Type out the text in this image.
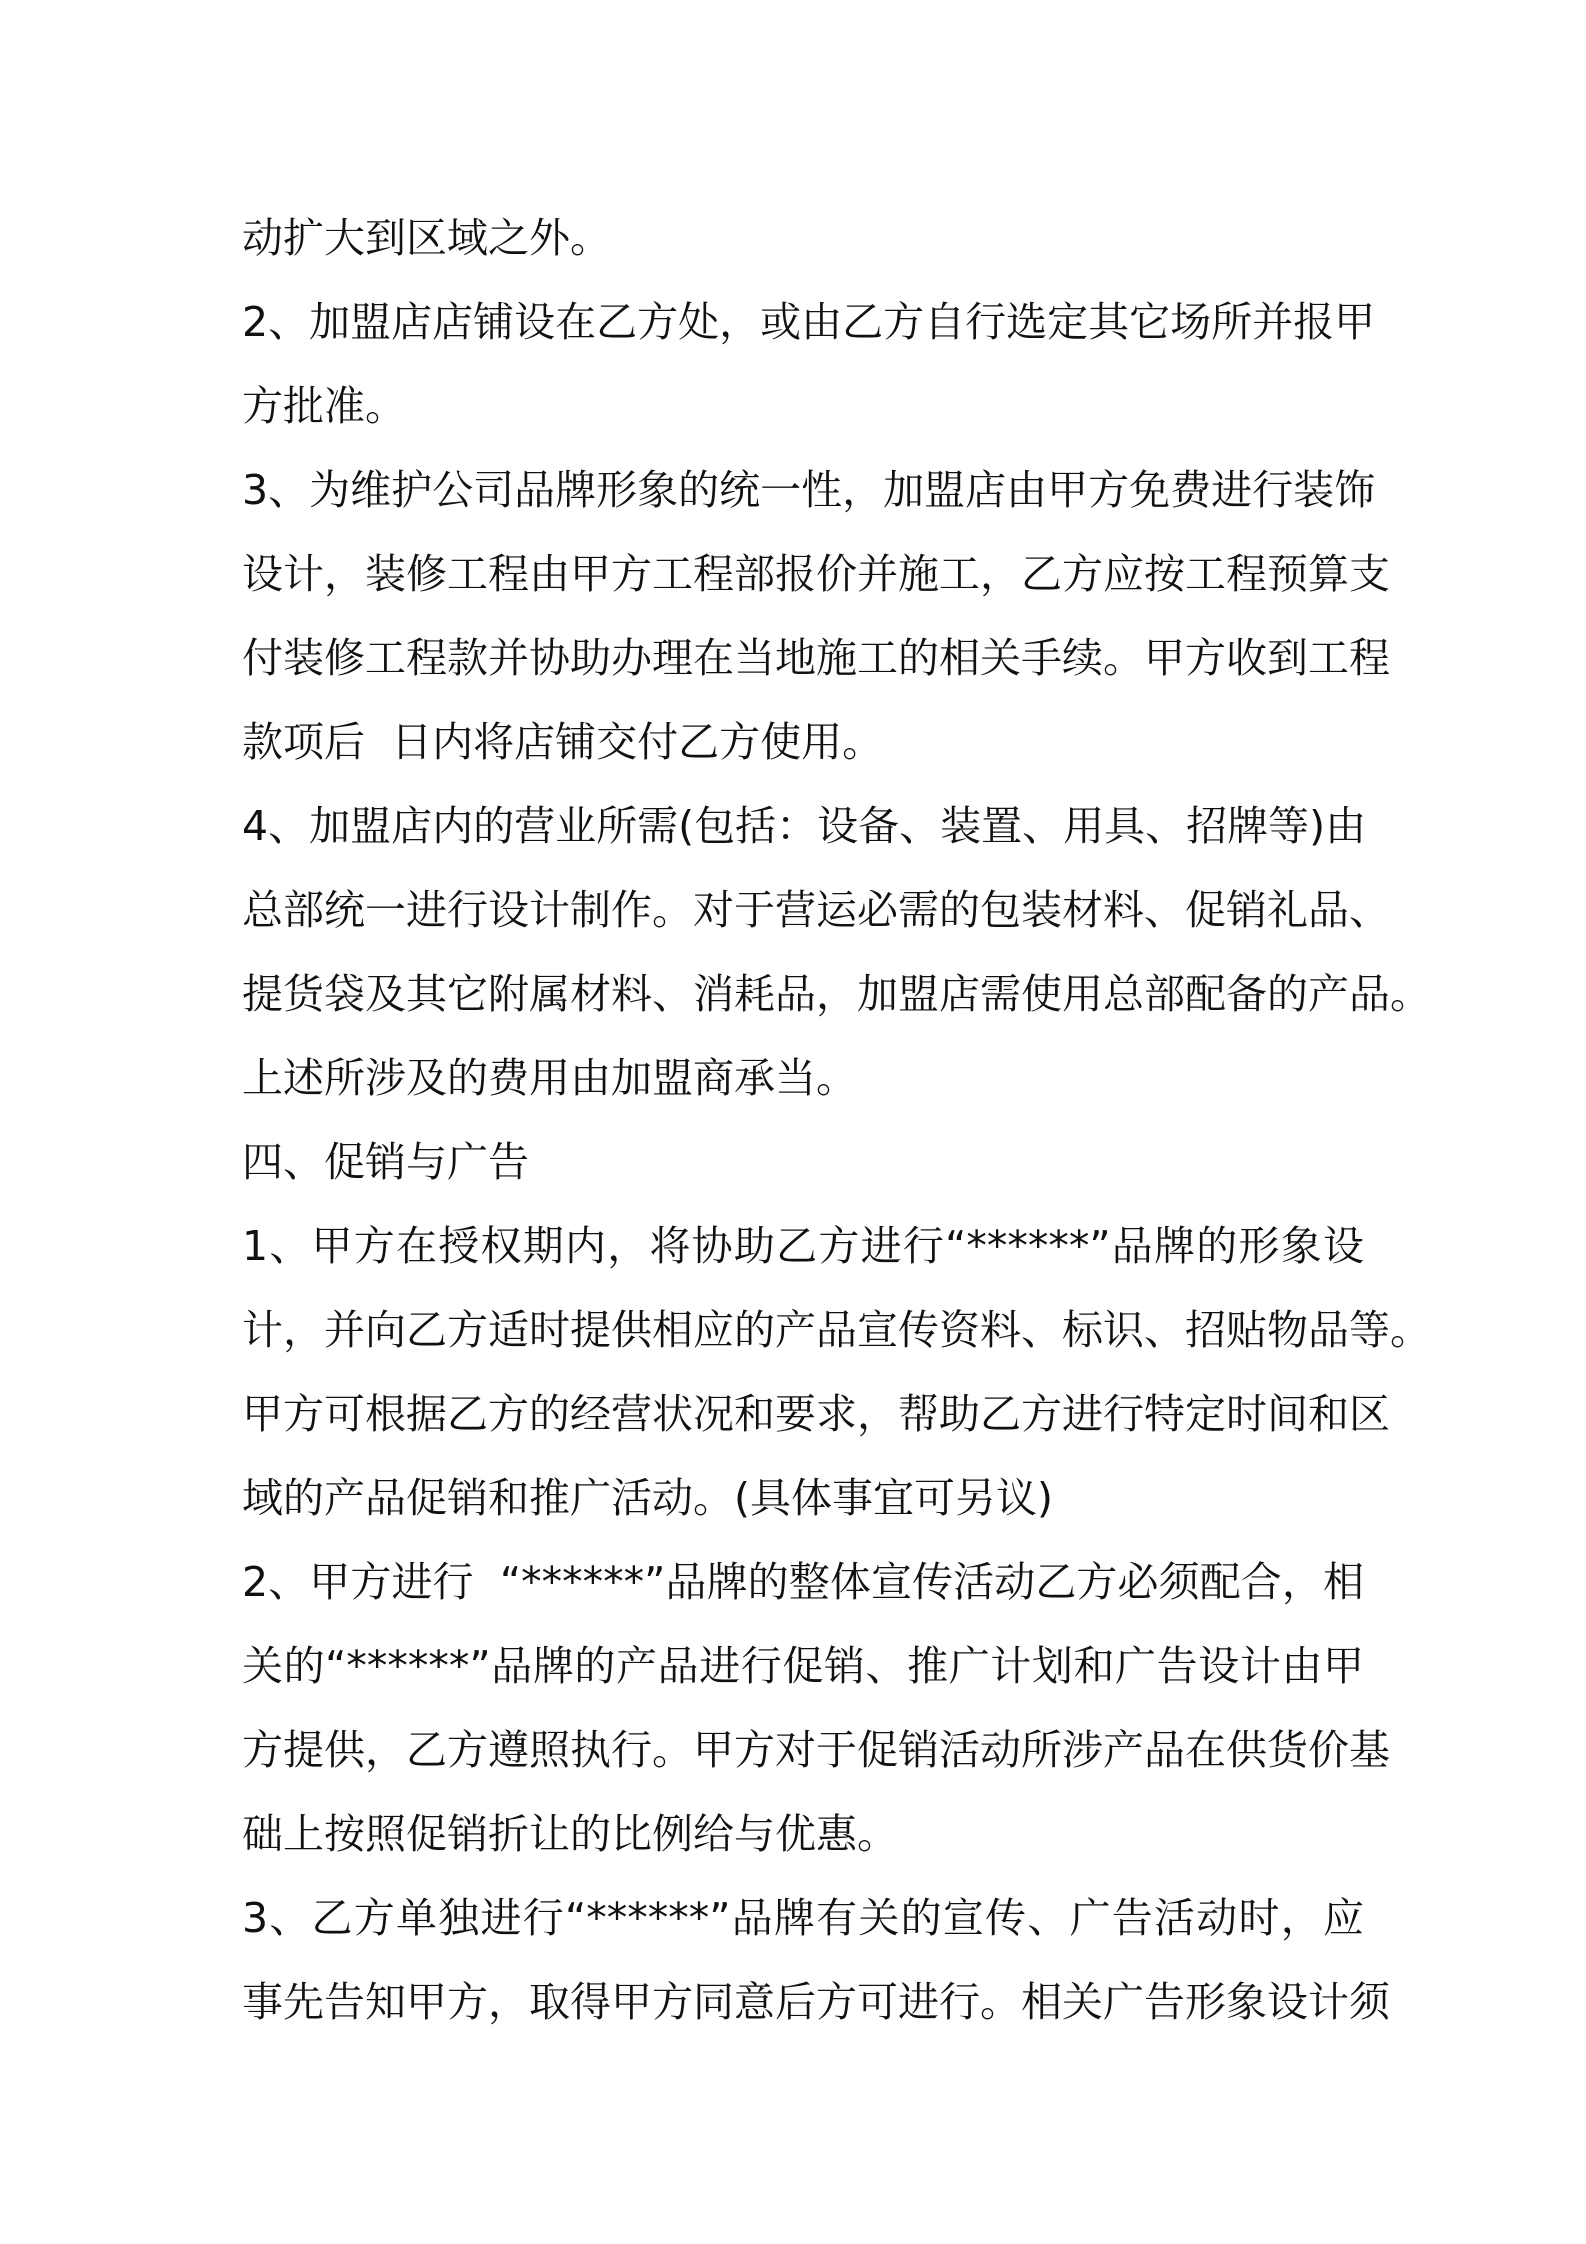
动扩大到区域之外。
2、加盟店店铺设在乙方处，或由乙方自行选定其它场所并报甲
方批准。
3、为维护公司品牌形象的统一性，加盟店由甲方免费进行装饰
设计，装修工程由甲方工程部报价并施工，乙方应按工程预算支
付装修工程款并协助办理在当地施工的相关手续。甲方收到工程
款项后  日内将店铺交付乙方使用。
4、加盟店内的营业所需(包括：设备、装置、用具、招牌等)由
总部统一进行设计制作。对于营运必需的包装材料、促销礼品、
提货袋及其它附属材料、消耗品，加盟店需使用总部配备的产品。
上述所涉及的费用由加盟商承当。
四、促销与广告
1、甲方在授权期内，将协助乙方进行“******”品牌的形象设
计，并向乙方适时提供相应的产品宣传资料、标识、招贴物品等。
甲方可根据乙方的经营状况和要求，帮助乙方进行特定时间和区
域的产品促销和推广活动。(具体事宜可另议)
2、甲方进行  “******”品牌的整体宣传活动乙方必须配合，相
关的“******”品牌的产品进行促销、推广计划和广告设计由甲
方提供，乙方遵照执行。甲方对于促销活动所涉产品在供货价基
础上按照促销折让的比例给与优惠。
3、乙方单独进行“******”品牌有关的宣传、广告活动时，应
事先告知甲方，取得甲方同意后方可进行。相关广告形象设计须
